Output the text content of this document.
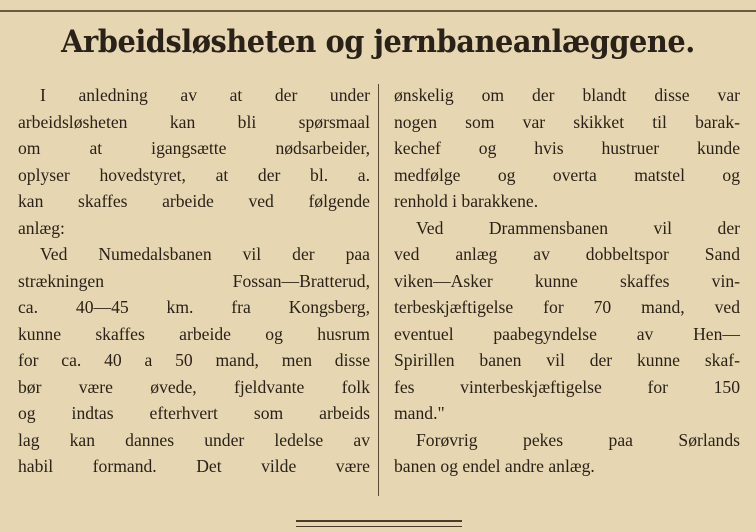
Arbeidsløsheten og jernbaneanlæggene.
I anledning av at der under
arbeidsløsheten kan bli spørsmaal
om at igangsætte nødsarbeider,
oplyser hovedstyret, at der bl. a.
kan skaffes arbeide ved følgende
anlæg:
Ved Numedalsbanen vil der paa
strækningen Fossan—Bratterud,
ca. 40—45 km. fra Kongsberg,
kunne skaffes arbeide og husrum
for ca. 40 a 50 mand, men disse
bør være øvede, fjeldvante folk
og indtas efterhvert som arbeids
lag kan dannes under ledelse av
habil formand. Det vilde være
ønskelig om der blandt disse var
nogen som var skikket til barak-
kechef og hvis hustruer kunde
medfølge og overta matstel og
renhold i barakkene.
Ved Drammensbanen vil der
ved anlæg av dobbeltspor Sand
viken—Asker kunne skaffes vin-
terbeskjæftigelse for 70 mand, ved
eventuel paabegyndelse av Hen—
Spirillen banen vil der kunne skaf-
fes vinterbeskjæftigelse for 150
mand."
Forøvrig pekes paa Sørlands
banen og endel andre anlæg.
